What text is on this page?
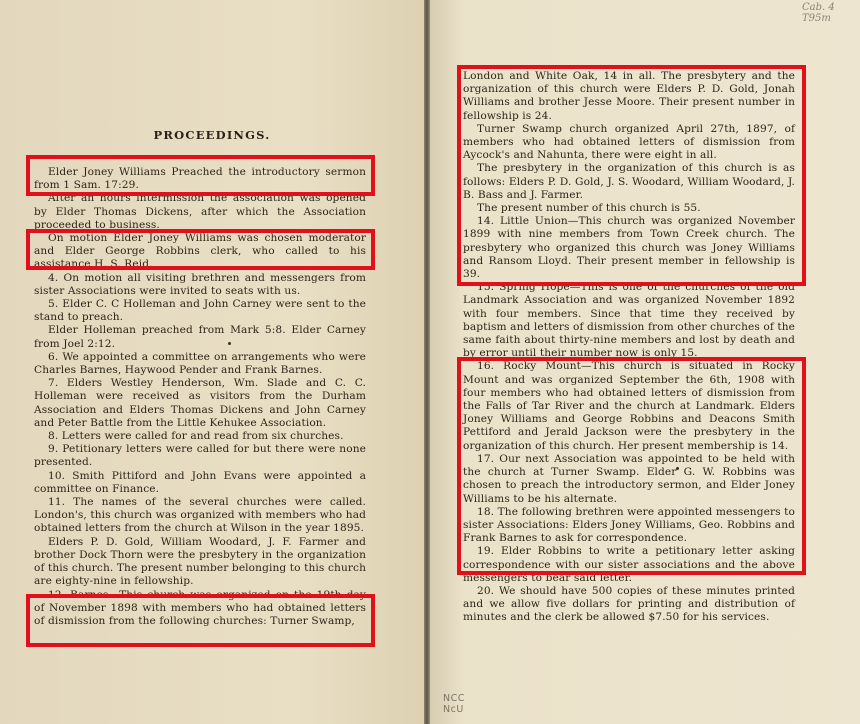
PROCEEDINGS.

Elder Joney Williams Preached the introductory sermon from 1 Sam. 17:29.

After an hours intermission the association was opened by Elder Thomas Dickens, after which the Association proceeded to business.

On motion Elder Joney Williams was chosen moderator and Elder George Robbins clerk, who called to his assistance H. S. Reid.

4. On motion all visiting brethren and messengers from sister Associations were invited to seats with us.

5. Elder C. C Holleman and John Carney were sent to the stand to preach.

Elder Holleman preached from Mark 5:8. Elder Carney from Joel 2:12.

6. We appointed a committee on arrangements who were Charles Barnes, Haywood Pender and Frank Barnes.

7. Elders Westley Henderson, Wm. Slade and C. C. Holleman were received as visitors from the Durham Association and Elders Thomas Dickens and John Carney and Peter Battle from the Little Kehukee Association.

8. Letters were called for and read from six churches.

9. Petitionary letters were called for but there were none presented.

10. Smith Pittiford and John Evans were appointed a committee on Finance.

11. The names of the several churches were called. London's, this church was organized with members who had obtained letters from the church at Wilson in the year 1895.

Elders P. D. Gold, William Woodard, J. F. Farmer and brother Dock Thorn were the presbytery in the organization of this church. The present number belonging to this church are eighty-nine in fellowship.

12. Barnes—This church was organized on the 19th day of November 1898 with members who had obtained letters of dismission from the following churches: Turner Swamp,

Cab. 4
T95m

London and White Oak, 14 in all. The presbytery and the organization of this church were Elders P. D. Gold, Jonah Williams and brother Jesse Moore. Their present number in fellowship is 24.

Turner Swamp church organized April 27th, 1897, of members who had obtained letters of dismission from Aycock's and Nahunta, there were eight in all.

The presbytery in the organization of this church is as follows: Elders P. D. Gold, J. S. Woodard, William Woodard, J. B. Bass and J. Farmer.

The present number of this church is 55.

14. Little Union—This church was organized November 1899 with nine members from Town Creek church. The presbytery who organized this church was Joney Williams and Ransom Lloyd. Their present member in fellowship is 39.

15. Spring Hope—This is one of the churches of the old Landmark Association and was organized November 1892 with four members. Since that time they received by baptism and letters of dismission from other churches of the same faith about thirty-nine members and lost by death and by error until their number now is only 15.

16. Rocky Mount—This church is situated in Rocky Mount and was organized September the 6th, 1908 with four members who had obtained letters of dismission from the Falls of Tar River and the church at Landmark. Elders Joney Williams and George Robbins and Deacons Smith Pettiford and Jerald Jackson were the presbytery in the organization of this church. Her present membership is 14.

17. Our next Association was appointed to be held with the church at Turner Swamp. Elder G. W. Robbins was chosen to preach the introductory sermon, and Elder Joney Williams to be his alternate.

18. The following brethren were appointed messengers to sister Associations: Elders Joney Williams, Geo. Robbins and Frank Barnes to ask for correspondence.

19. Elder Robbins to write a petitionary letter asking correspondence with our sister associations and the above messengers to bear said letter.

20. We should have 500 copies of these minutes printed and we allow five dollars for printing and distribution of minutes and the clerk be allowed $7.50 for his services.

NCC
NcU
